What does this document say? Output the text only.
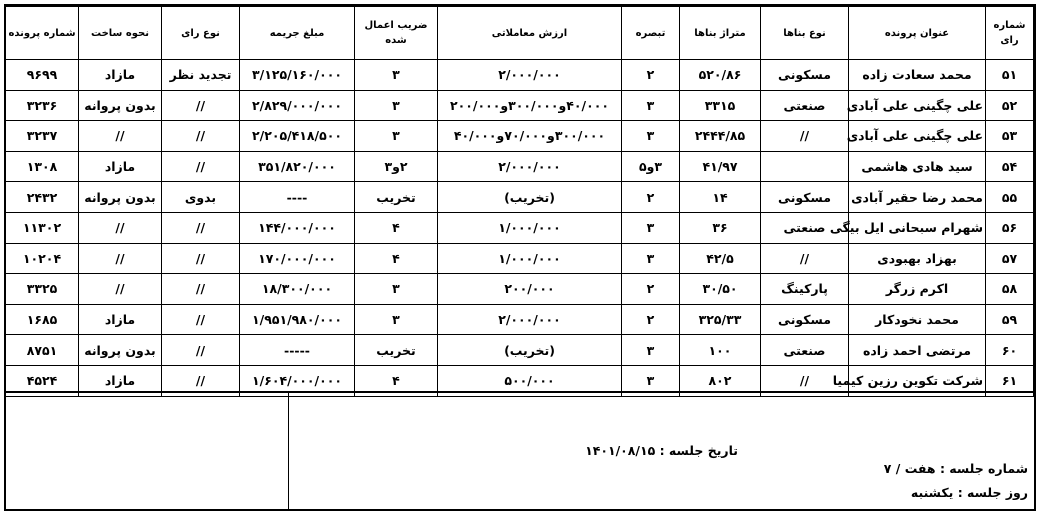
شماره رای	عنوان پرونده	نوع بناها	متراژ بناها	تبصره	ارزش معاملاتی	ضریب اعمال شده	مبلغ جریمه	نوع رای	نحوه ساخت	شماره پرونده
۵۱	محمد سعادت زاده	مسکونی	۵۲۰/۸۶	۲	۲/۰۰۰/۰۰۰	۳	۳/۱۲۵/۱۶۰/۰۰۰	تجدید نظر	مازاد	۹۶۹۹
۵۲	علی چگینی علی آبادی	صنعتی	۳۳۱۵	۳	۴۰/۰۰۰و۳۰۰/۰۰۰و۲۰۰/۰۰۰	۳	۲/۸۲۹/۰۰۰/۰۰۰	//	بدون پروانه	۳۲۳۶
۵۳	علی چگینی علی آبادی	//	۲۴۴۴/۸۵	۳	۳۰۰/۰۰۰و۷۰/۰۰۰و۴۰/۰۰۰	۳	۲/۲۰۵/۴۱۸/۵۰۰	//	//	۳۲۳۷
۵۴	سید هادی هاشمی		۴۱/۹۷	۳و۵	۲/۰۰۰/۰۰۰	۲و۳	۳۵۱/۸۲۰/۰۰۰	//	مازاد	۱۳۰۸
۵۵	محمد رضا حقیر آبادی	مسکونی	۱۴	۲	(تخریب)	تخریب	----	بدوی	بدون پروانه	۲۴۳۲
۵۶	شهرام سبحانی ایل بیگی	صنعتی	۳۶	۳	۱/۰۰۰/۰۰۰	۴	۱۴۴/۰۰۰/۰۰۰	//	//	۱۱۳۰۲
۵۷	بهزاد بهبودی	//	۴۲/۵	۳	۱/۰۰۰/۰۰۰	۴	۱۷۰/۰۰۰/۰۰۰	//	//	۱۰۲۰۴
۵۸	اکرم زرگر	پارکینگ	۳۰/۵۰	۲	۲۰۰/۰۰۰	۳	۱۸/۳۰۰/۰۰۰	//	//	۳۳۲۵
۵۹	محمد نخودکار	مسکونی	۳۲۵/۳۳	۲	۲/۰۰۰/۰۰۰	۳	۱/۹۵۱/۹۸۰/۰۰۰	//	مازاد	۱۶۸۵
۶۰	مرتضی احمد زاده	صنعتی	۱۰۰	۳	(تخریب)	تخریب	-----	//	بدون پروانه	۸۷۵۱
۶۱	شرکت تکوین رزین کیمیا	//	۸۰۲	۳	۵۰۰/۰۰۰	۴	۱/۶۰۴/۰۰۰/۰۰۰	//	مازاد	۴۵۲۴
شماره جلسه : هفت / ۷
روز جلسه : یکشنبه
تاریخ جلسه : ۱۴۰۱/۰۸/۱۵
